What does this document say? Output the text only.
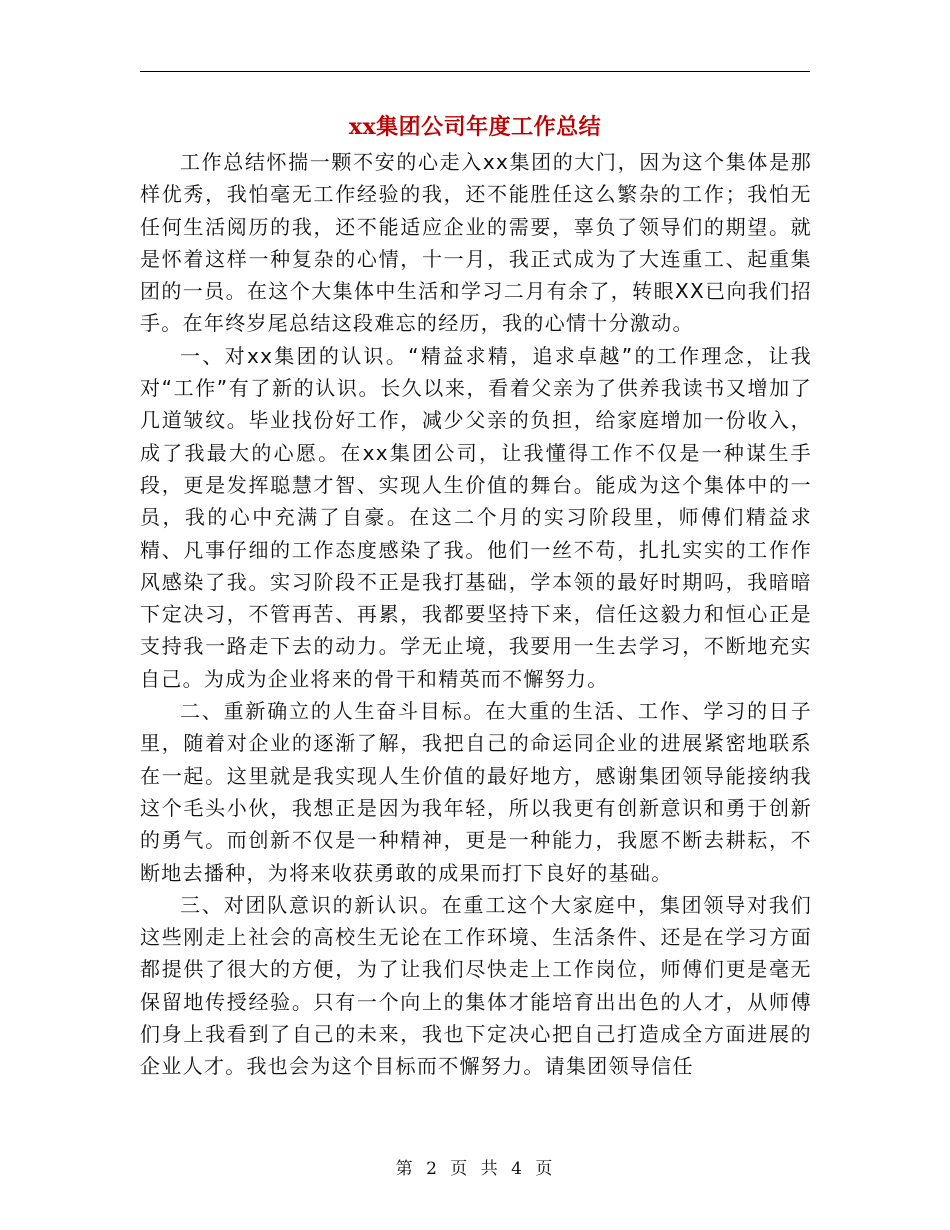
xx集团公司年度工作总结

工作总结怀揣一颗不安的心走入xx集团的大门，因为这个集体是那样优秀，我怕毫无工作经验的我，还不能胜任这么繁杂的工作；我怕无任何生活阅历的我，还不能适应企业的需要，辜负了领导们的期望。就是怀着这样一种复杂的心情，十一月，我正式成为了大连重工、起重集团的一员。在这个大集体中生活和学习二月有余了，转眼XX已向我们招手。在年终岁尾总结这段难忘的经历，我的心情十分激动。

一、对xx集团的认识。“精益求精，追求卓越”的工作理念，让我对“工作”有了新的认识。长久以来，看着父亲为了供养我读书又增加了几道皱纹。毕业找份好工作，减少父亲的负担，给家庭增加一份收入，成了我最大的心愿。在xx集团公司，让我懂得工作不仅是一种谋生手段，更是发挥聪慧才智、实现人生价值的舞台。能成为这个集体中的一员，我的心中充满了自豪。在这二个月的实习阶段里，师傅们精益求精、凡事仔细的工作态度感染了我。他们一丝不苟，扎扎实实的工作作风感染了我。实习阶段不正是我打基础，学本领的最好时期吗，我暗暗下定决习，不管再苦、再累，我都要坚持下来，信任这毅力和恒心正是支持我一路走下去的动力。学无止境，我要用一生去学习，不断地充实自己。为成为企业将来的骨干和精英而不懈努力。

二、重新确立的人生奋斗目标。在大重的生活、工作、学习的日子里，随着对企业的逐渐了解，我把自己的命运同企业的进展紧密地联系在一起。这里就是我实现人生价值的最好地方，感谢集团领导能接纳我这个毛头小伙，我想正是因为我年轻，所以我更有创新意识和勇于创新的勇气。而创新不仅是一种精神，更是一种能力，我愿不断去耕耘，不断地去播种，为将来收获勇敢的成果而打下良好的基础。

三、对团队意识的新认识。在重工这个大家庭中，集团领导对我们这些刚走上社会的高校生无论在工作环境、生活条件、还是在学习方面都提供了很大的方便，为了让我们尽快走上工作岗位，师傅们更是毫无保留地传授经验。只有一个向上的集体才能培育出出色的人才，从师傅们身上我看到了自己的未来，我也下定决心把自己打造成全方面进展的企业人才。我也会为这个目标而不懈努力。请集团领导信任

第 2 页 共 4 页
